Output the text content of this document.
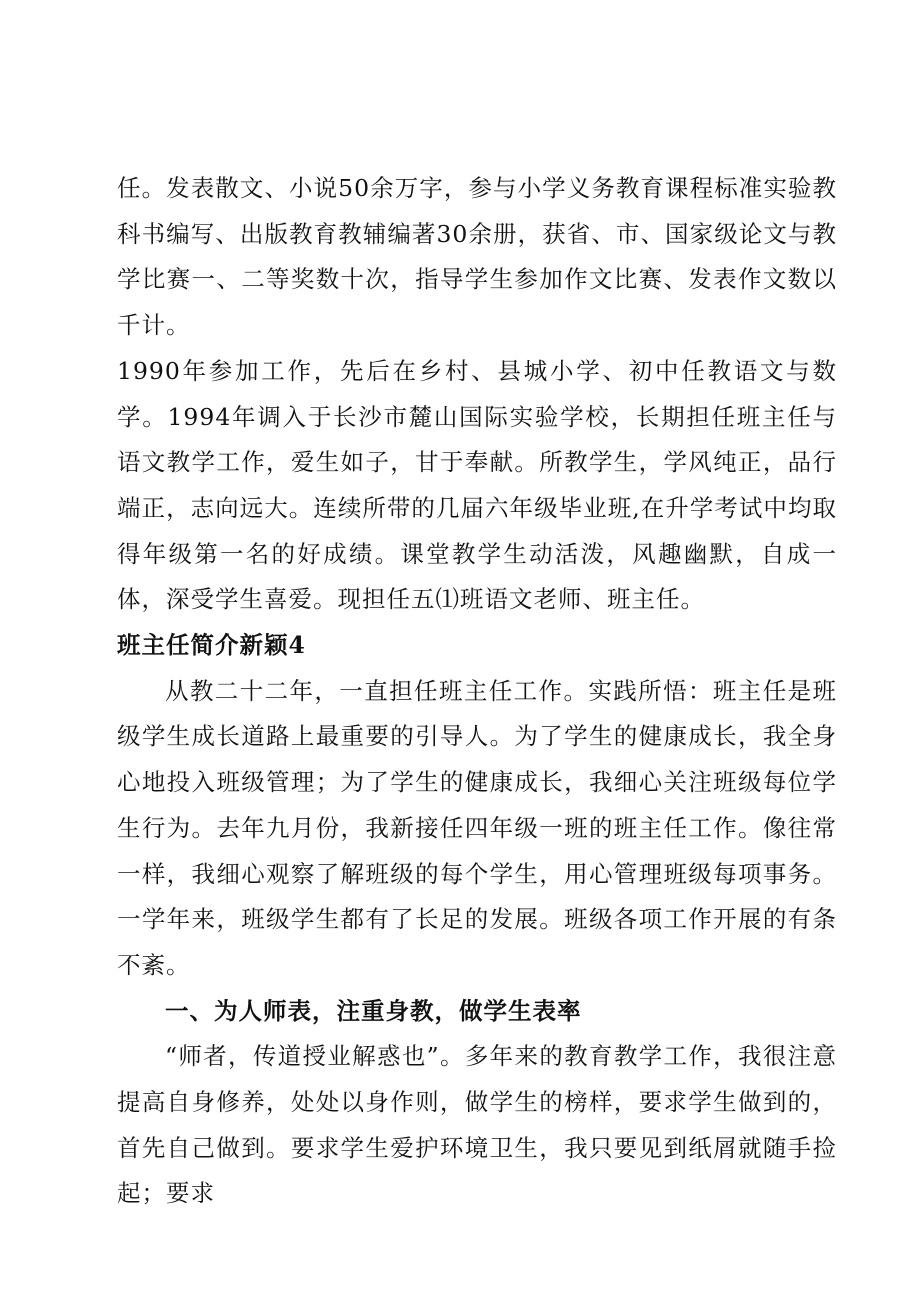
任。发表散文、小说50余万字，参与小学义务教育课程标准实验教科书编写、出版教育教辅编著30余册，获省、市、国家级论文与教学比赛一、二等奖数十次，指导学生参加作文比赛、发表作文数以千计。

1990年参加工作，先后在乡村、县城小学、初中任教语文与数学。1994年调入于长沙市麓山国际实验学校，长期担任班主任与语文教学工作，爱生如子，甘于奉献。所教学生，学风纯正，品行端正，志向远大。连续所带的几届六年级毕业班,在升学考试中均取得年级第一名的好成绩。课堂教学生动活泼，风趣幽默，自成一体，深受学生喜爱。现担任五⑴班语文老师、班主任。

班主任简介新颖4

从教二十二年，一直担任班主任工作。实践所悟：班主任是班级学生成长道路上最重要的引导人。为了学生的健康成长，我全身心地投入班级管理；为了学生的健康成长，我细心关注班级每位学生行为。去年九月份，我新接任四年级一班的班主任工作。像往常一样，我细心观察了解班级的每个学生，用心管理班级每项事务。一学年来，班级学生都有了长足的发展。班级各项工作开展的有条不紊。

一、为人师表，注重身教，做学生表率

“师者，传道授业解惑也”。多年来的教育教学工作，我很注意提高自身修养，处处以身作则，做学生的榜样，要求学生做到的，首先自己做到。要求学生爱护环境卫生，我只要见到纸屑就随手捡起；要求
